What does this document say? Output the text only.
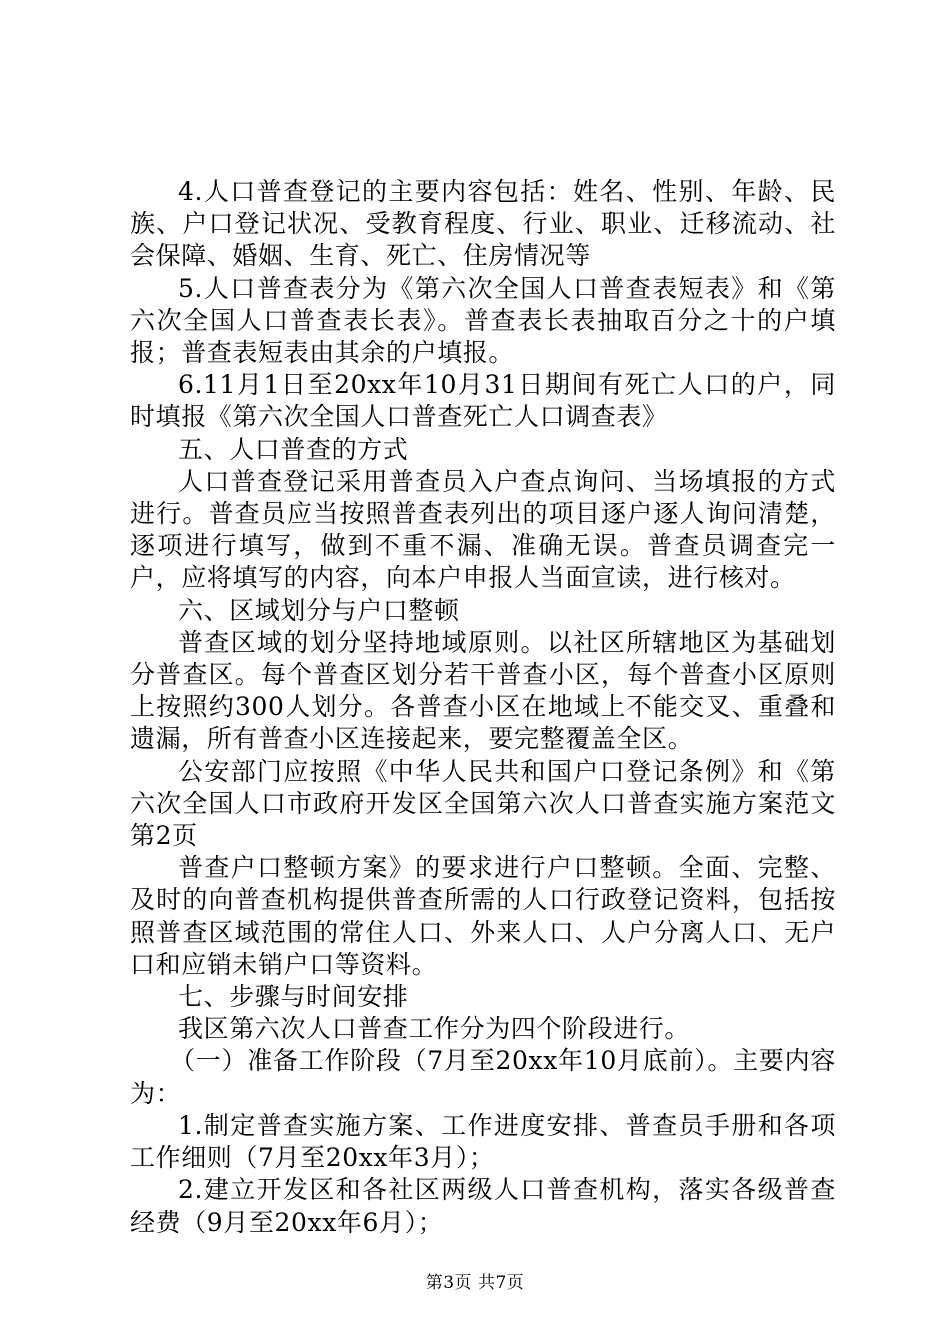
4.人口普查登记的主要内容包括：姓名、性别、年龄、民族、户口登记状况、受教育程度、行业、职业、迁移流动、社会保障、婚姻、生育、死亡、住房情况等

5.人口普查表分为《第六次全国人口普查表短表》和《第六次全国人口普查表长表》。普查表长表抽取百分之十的户填报；普查表短表由其余的户填报。

6.11月1日至20xx年10月31日期间有死亡人口的户，同时填报《第六次全国人口普查死亡人口调查表》

五、人口普查的方式

人口普查登记采用普查员入户查点询问、当场填报的方式进行。普查员应当按照普查表列出的项目逐户逐人询问清楚，逐项进行填写，做到不重不漏、准确无误。普查员调查完一户，应将填写的内容，向本户申报人当面宣读，进行核对。

六、区域划分与户口整顿

普查区域的划分坚持地域原则。以社区所辖地区为基础划分普查区。每个普查区划分若干普查小区，每个普查小区原则上按照约300人划分。各普查小区在地域上不能交叉、重叠和遗漏，所有普查小区连接起来，要完整覆盖全区。

公安部门应按照《中华人民共和国户口登记条例》和《第六次全国人口市政府开发区全国第六次人口普查实施方案范文第2页

普查户口整顿方案》的要求进行户口整顿。全面、完整、及时的向普查机构提供普查所需的人口行政登记资料，包括按照普查区域范围的常住人口、外来人口、人户分离人口、无户口和应销未销户口等资料。

七、步骤与时间安排

我区第六次人口普查工作分为四个阶段进行。

（一）准备工作阶段（7月至20xx年10月底前）。主要内容为：

1.制定普查实施方案、工作进度安排、普查员手册和各项工作细则（7月至20xx年3月）；

2.建立开发区和各社区两级人口普查机构，落实各级普查经费（9月至20xx年6月）；

第3页 共7页
